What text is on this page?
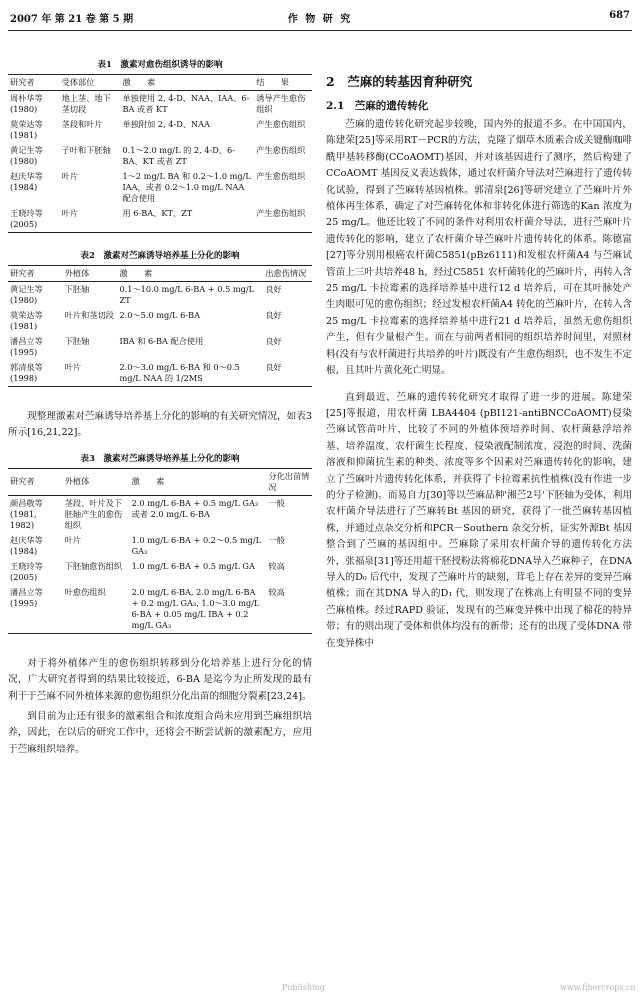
2007 年 第 21 卷 第 5 期	作 物 研 究	687
表1　激素对愈伤组织诱导的影响
研究者	受体部位	激　　素	结　　果
周朴华等
(1980)	地上茎、地下茎切段	单独使用 2, 4-D、NAA、IAA、6-BA 或者 KT	诱导产生愈伤组织
莫荣达等
(1981)	茎段和叶片	单独附加 2, 4-D、NAA	产生愈伤组织
黄记生等
(1980)	子叶和下胚轴	0.1～2.0 mg/L 的 2, 4-D、6-BA、KT 或者 ZT	产生愈伤组织
赵庆华等
(1984)	叶片	1～2 mg/L BA 和 0.2～1.0 mg/L IAA，或者 0.2～1.0 mg/L NAA 配合使用	产生愈伤组织
王晓玲等
(2005)	叶片	用 6-BA、KT、ZT	产生愈伤组织
表2　激素对苎麻诱导培养基上分化的影响
研究者	外植体	激　　素	出愈伤情况
黄记生等
(1980)	下胚轴	0.1～10.0 mg/L 6-BA + 0.5 mg/L ZT	良好
莫荣达等
(1981)	叶片和茎切段	2.0～5.0 mg/L 6-BA	良好
潘昌立等
(1995)	下胚轴	IBA 和 6-BA 配合使用	良好
郭清泉等
(1998)	叶片	2.0～3.0 mg/L 6-BA 和 0～0.5 mg/L NAA 的 1/2MS	良好

现整理激素对苎麻诱导培养基上分化的影响的有关研究情况，如表3 所示[16,21,22]。

表3　激素对苎麻诱导培养基上分化的影响
研究者	外植体	激　　素	分化出苗情况
颜昌敬等
(1981, 1982)	茎段、叶片及下胚轴产生的愈伤组织	2.0 mg/L 6-BA + 0.5 mg/L GA₃ 或者 2.0 mg/L 6-BA	一般
赵庆华等
(1984)	叶片	1.0 mg/L 6-BA + 0.2～0.5 mg/L GA₃	一般
王晓玲等
(2005)	下胚轴愈伤组织	1.0 mg/L 6-BA + 0.5 mg/L GA	较高
潘昌立等
(1995)	叶愈伤组织	2.0 mg/L 6-BA, 2.0 mg/L 6-BA + 0.2 mg/L GA₃, 1.0～3.0 mg/L 6-BA + 0.05 mg/L IBA + 0.2 mg/L GA₃	较高

对于将外植体产生的愈伤组织转移到分化培养基上进行分化的情况，广大研究者得到的结果比较接近，6-BA 是迄今为止所发现的最有利于于苎麻不同外植体来源的愈伤组织分化出苗的细胞分裂素[23,24]。

到目前为止还有很多的激素组合和浓度组合尚未应用到苎麻组织培养，因此，在以后的研究工作中，还将会不断尝试新的激素配方，应用于苎麻组织培养。

2　苎麻的转基因育种研究
2.1　苎麻的遗传转化

苎麻的遗传转化研究起步较晚，国内外的报道不多。在中国国内，陈建荣[25]等采用RT－PCR的方法，克隆了烟草木质素合成关键酶咖啡酰甲基转移酶(CCoAOMT)基因，并对该基因进行了测序，然后构建了CCoAOMT 基因反义表达载体，通过农杆菌介导法对苎麻进行了遗传转化试验，得到了苎麻转基因植株。郭清泉[26]等研究建立了苎麻叶片外植体再生体系，确定了对苎麻转化体和非转化体进行筛选的Kan 浓度为25 mg/L。他还比较了不同的条件对利用农杆菌介导法，进行苎麻叶片遗传转化的影响，建立了农杆菌介导苎麻叶片遗传转化的体系。陈德富[27]等分别用根癌农杆菌C5851(pBz6111)和发根农杆菌A4 与苎麻试管苗上三叶共培养48 h，经过C5851 农杆菌转化的苎麻叶片，再转入含25 mg/L 卡拉霉素的选择培养基中进行12 d 培养后，可在其叶脉处产生肉眼可见的愈伤组织；经过发根农杆菌A4 转化的苎麻叶片，在转入含25 mg/L 卡拉霉素的选择培养基中进行21 d 培养后，虽然无愈伤组织产生，但有少量根产生。而在与前两者相同的组织培养时间里，对照材料(没有与农杆菌进行共培养的叶片)既没有产生愈伤组织，也不发生不定根，且其叶片黄化死亡明显。

直到最近，苎麻的遗传转化研究才取得了进一步的进展。陈建荣[25]等报道，用农杆菌 LBA4404 (pBI121-antiBNCCoAOMT)侵染苎麻试管苗叶片，比较了不同的外植体预培养时间、农杆菌悬浮培养基、培养温度、农杆菌生长程度、侵染液配制浓度、浸泡的时间、洗菌溶液和抑菌抗生素的种类、浓度等多个因素对苎麻遗传转化的影响，建立了苎麻叶片遗传转化体系，并获得了卡拉霉素抗性植株(没有作进一步的分子检测)。而易自力[30]等以苎麻品种'湘苎2号'下胚轴为受体，利用农杆菌介导法进行了苎麻转Bt 基因的研究，获得了一批苎麻转基因植株，并通过点杂交分析和PCR－Southern 杂交分析，证实外源Bt 基因整合到了苎麻的基因组中。苎麻除了采用农杆菌介导的遗传转化方法外，张福泉[31]等还用超干胚授粉法将棉花DNA导入苎麻种子，在DNA 导入的D₀ 后代中，发现了苎麻叶片的缺刻，茸毛上存在差异的变异苎麻植株；而在其DNA 导入的D₁ 代，则发现了在株高上有明显不同的变异苎麻植株。经过RAPD 验证，发现有的苎麻变异株中出现了棉花的特异带；有的则出现了受体和供体均没有的新带；还有的出现了受体DNA 带在变异株中

Publishing	www.fibercrops.cn
